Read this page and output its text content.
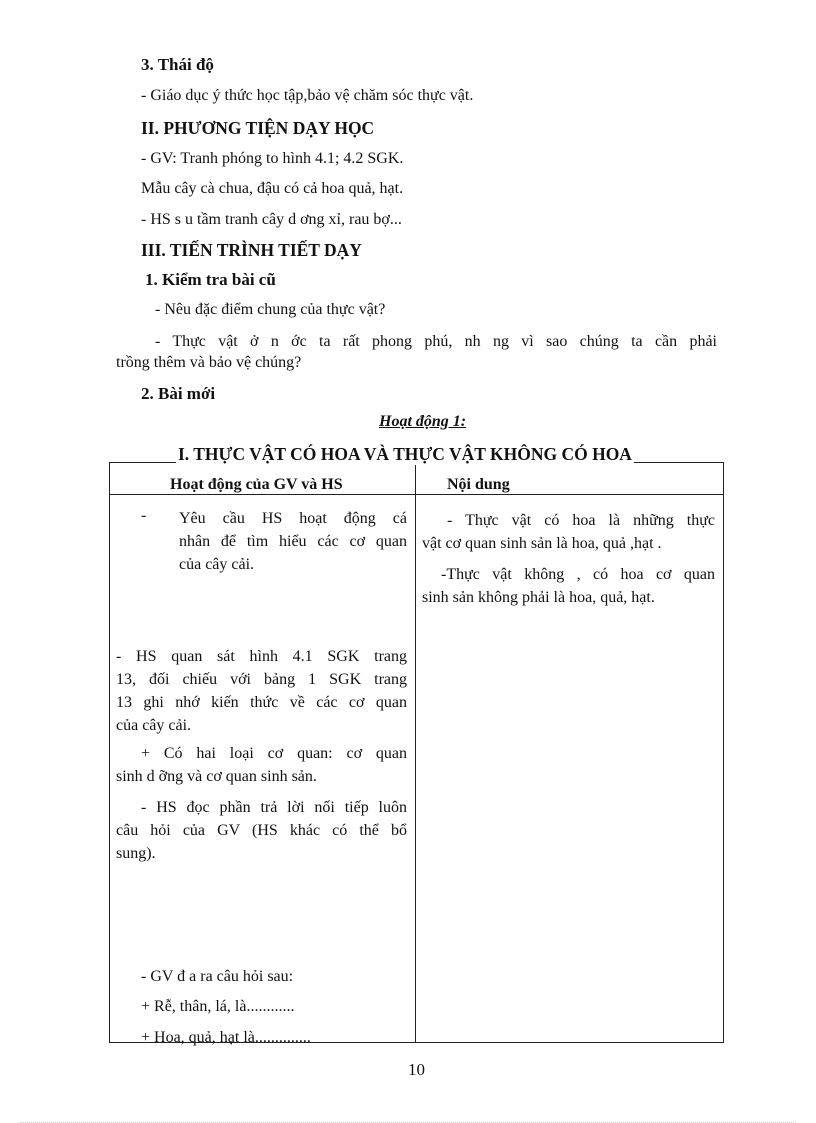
3. Thái độ
- Giáo dục ý thức học tập,bảo vệ chăm sóc thực vật.
II. PHƯƠNG TIỆN DẠY HỌC
- GV: Tranh phóng to hình 4.1; 4.2 SGK.
Mẫu cây cà chua, đậu có cả hoa quả, hạt.
- HS s u tầm tranh cây d ơng xỉ, rau bợ...
III. TIẾN TRÌNH TIẾT DẠY
1. Kiểm tra bài cũ
- Nêu đặc điểm chung của thực vật?
- Thực vật ở n ớc ta rất phong phú, nh ng vì sao chúng ta cần phải
trồng thêm và bảo vệ chúng?
2. Bài mới
Hoạt động 1:
I. THỰC VẬT CÓ HOA VÀ THỰC VẬT KHÔNG CÓ HOA
Hoạt động của GV và HS	Nội dung
- Yêu cầu HS hoạt động cá
nhân để tìm hiểu các cơ quan
của cây cải.
- HS quan sát hình 4.1 SGK trang
13, đối chiếu với bảng 1 SGK trang
13 ghi nhớ kiến thức về các cơ quan
của cây cải.
+ Có hai loại cơ quan: cơ quan
sinh d ỡng và cơ quan sinh sản.
- HS đọc phần trả lời nối tiếp luôn
câu hỏi của GV (HS khác có thể bổ
sung).
- GV đ a ra câu hỏi sau:
+ Rễ, thân, lá, là............
+ Hoa, quả, hạt là..............
- Thực vật có hoa là những thực
vật cơ quan sinh sản là hoa, quả ,hạt .
-Thực vật không , có hoa cơ quan
sinh sản không phải là hoa, quả, hạt.
10
